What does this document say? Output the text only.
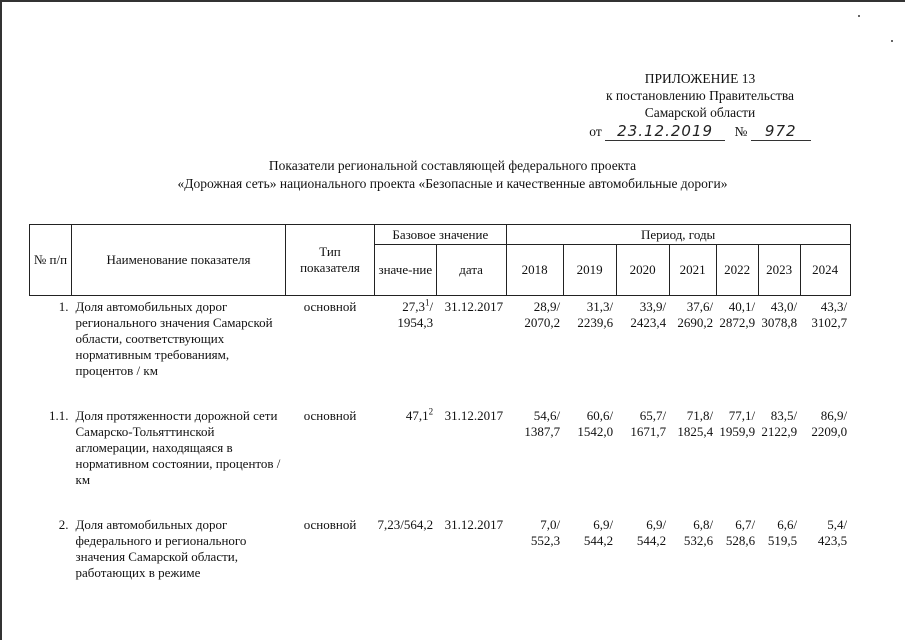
ПРИЛОЖЕНИЕ 13
к постановлению Правительства
Самарской области
от 23.12.2019 № 972
Показатели региональной составляющей федерального проекта
«Дорожная сеть» национального проекта «Безопасные и качественные автомобильные дороги»
№ п/п	Наименование показателя	Тип показателя	Базовое значение		Период, годы						
			значе-ние	дата	2018	2019	2020	2021	2022	2023	2024
1.	Доля автомобильных дорог регионального значения Самарской области, соответствующих нормативным требованиям, процентов / км	основной	27,3$^1$/ 1954,3	31.12.2017	28,9/ 2070,2	31,3/ 2239,6	33,9/ 2423,4	37,6/ 2690,2	40,1/ 2872,9	43,0/ 3078,8	43,3/ 3102,7
1.1.	Доля протяженности дорожной сети Самарско-Тольяттинской агломерации, находящаяся в нормативном состоянии, процентов / км	основной	47,1$^2$	31.12.2017	54,6/ 1387,7	60,6/ 1542,0	65,7/ 1671,7	71,8/ 1825,4	77,1/ 1959,9	83,5/ 2122,9	86,9/ 2209,0
2.	Доля автомобильных дорог федерального и регионального значения Самарской области, работающих в режиме	основной	7,23/564,2	31.12.2017	7,0/ 552,3	6,9/ 544,2	6,9/ 544,2	6,8/ 532,6	6,7/ 528,6	6,6/ 519,5	5,4/ 423,5
